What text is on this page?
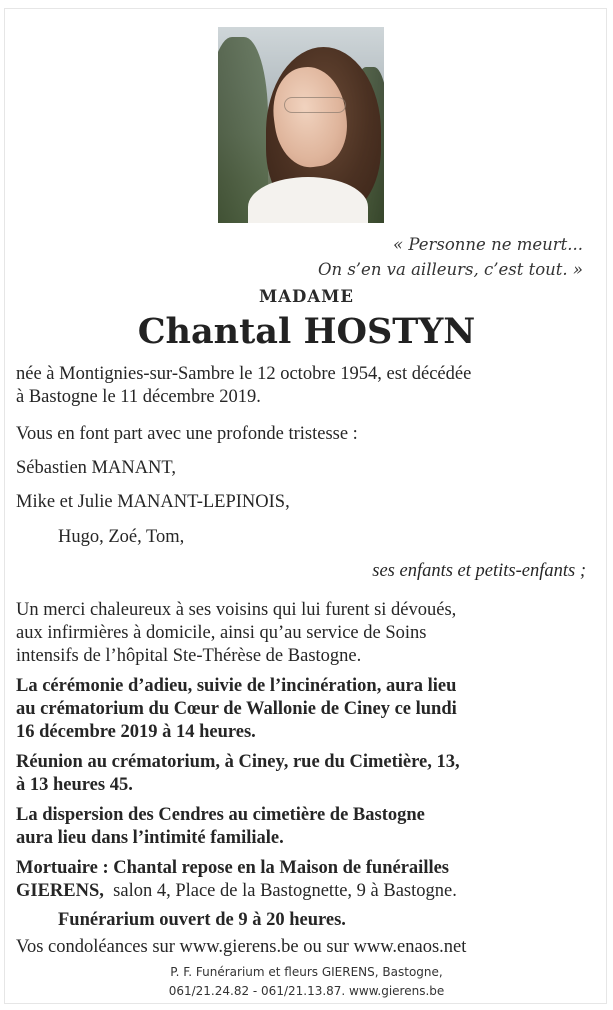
« Personne ne meurt...
On s’en va ailleurs, c’est tout. »
MADAME
Chantal HOSTYN
née à Montignies-sur-Sambre le 12 octobre 1954, est décédée
à Bastogne le 11 décembre 2019.
Vous en font part avec une profonde tristesse :
Sébastien MANANT,
Mike et Julie MANANT-LEPINOIS,
Hugo, Zoé, Tom,
ses enfants et petits-enfants ;
Un merci chaleureux à ses voisins qui lui furent si dévoués,
aux infirmières à domicile, ainsi qu’au service de Soins
intensifs de l’hôpital Ste-Thérèse de Bastogne.
La cérémonie d’adieu, suivie de l’incinération, aura lieu
au crématorium du Cœur de Wallonie de Ciney ce lundi
16 décembre 2019 à 14 heures.
Réunion au crématorium, à Ciney, rue du Cimetière, 13,
à 13 heures 45.
La dispersion des Cendres au cimetière de Bastogne
aura lieu dans l’intimité familiale.
Mortuaire : Chantal repose en la Maison de funérailles
GIERENS,  salon 4, Place de la Bastognette, 9 à Bastogne.
Funérarium ouvert de 9 à 20 heures.
Vos condoléances sur www.gierens.be ou sur www.enaos.net
P. F. Funérarium et fleurs GIERENS, Bastogne,
061/21.24.82 - 061/21.13.87. www.gierens.be
